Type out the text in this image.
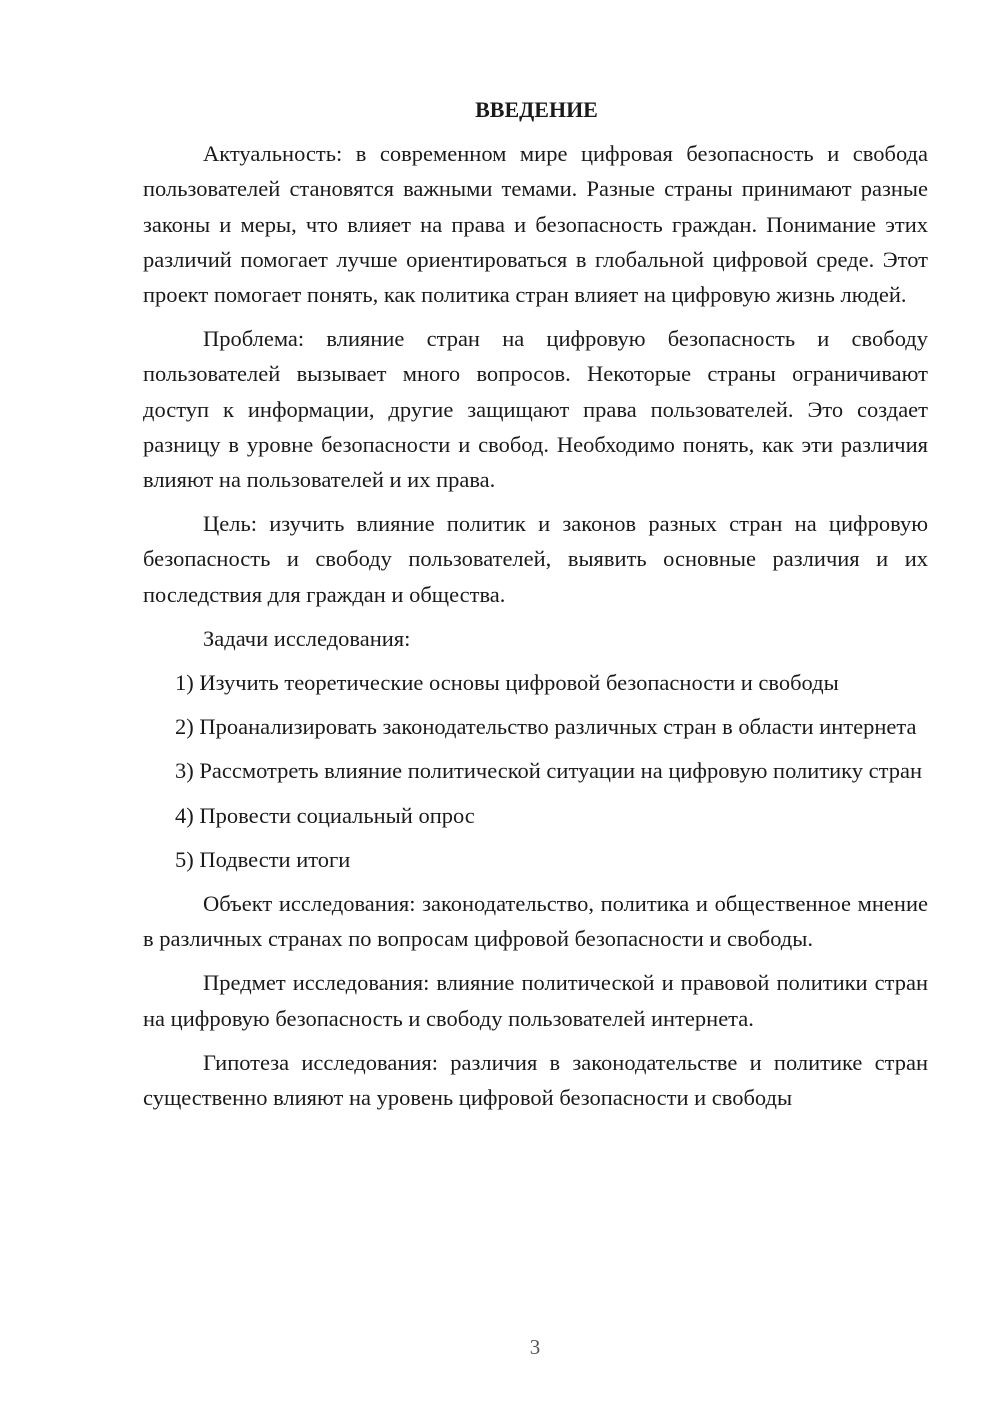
ВВЕДЕНИЕ

Актуальность: в современном мире цифровая безопасность и свобода пользователей становятся важными темами. Разные страны принимают разные законы и меры, что влияет на права и безопасность граждан. Понимание этих различий помогает лучше ориентироваться в глобальной цифровой среде. Этот проект помогает понять, как политика стран влияет на цифровую жизнь людей.

Проблема: влияние стран на цифровую безопасность и свободу пользователей вызывает много вопросов. Некоторые страны ограничивают доступ к информации, другие защищают права пользователей. Это создает разницу в уровне безопасности и свобод. Необходимо понять, как эти различия влияют на пользователей и их права.

Цель: изучить влияние политик и законов разных стран на цифровую безопасность и свободу пользователей, выявить основные различия и их последствия для граждан и общества.

Задачи исследования:

1) Изучить теоретические основы цифровой безопасности и свободы

2) Проанализировать законодательство различных стран в области интернета

3) Рассмотреть влияние политической ситуации на цифровую политику стран

4) Провести социальный опрос

5) Подвести итоги

Объект исследования: законодательство, политика и общественное мнение в различных странах по вопросам цифровой безопасности и свободы.

Предмет исследования: влияние политической и правовой политики стран на цифровую безопасность и свободу пользователей интернета.

Гипотеза исследования: различия в законодательстве и политике стран существенно влияют на уровень цифровой безопасности и свободы

3
